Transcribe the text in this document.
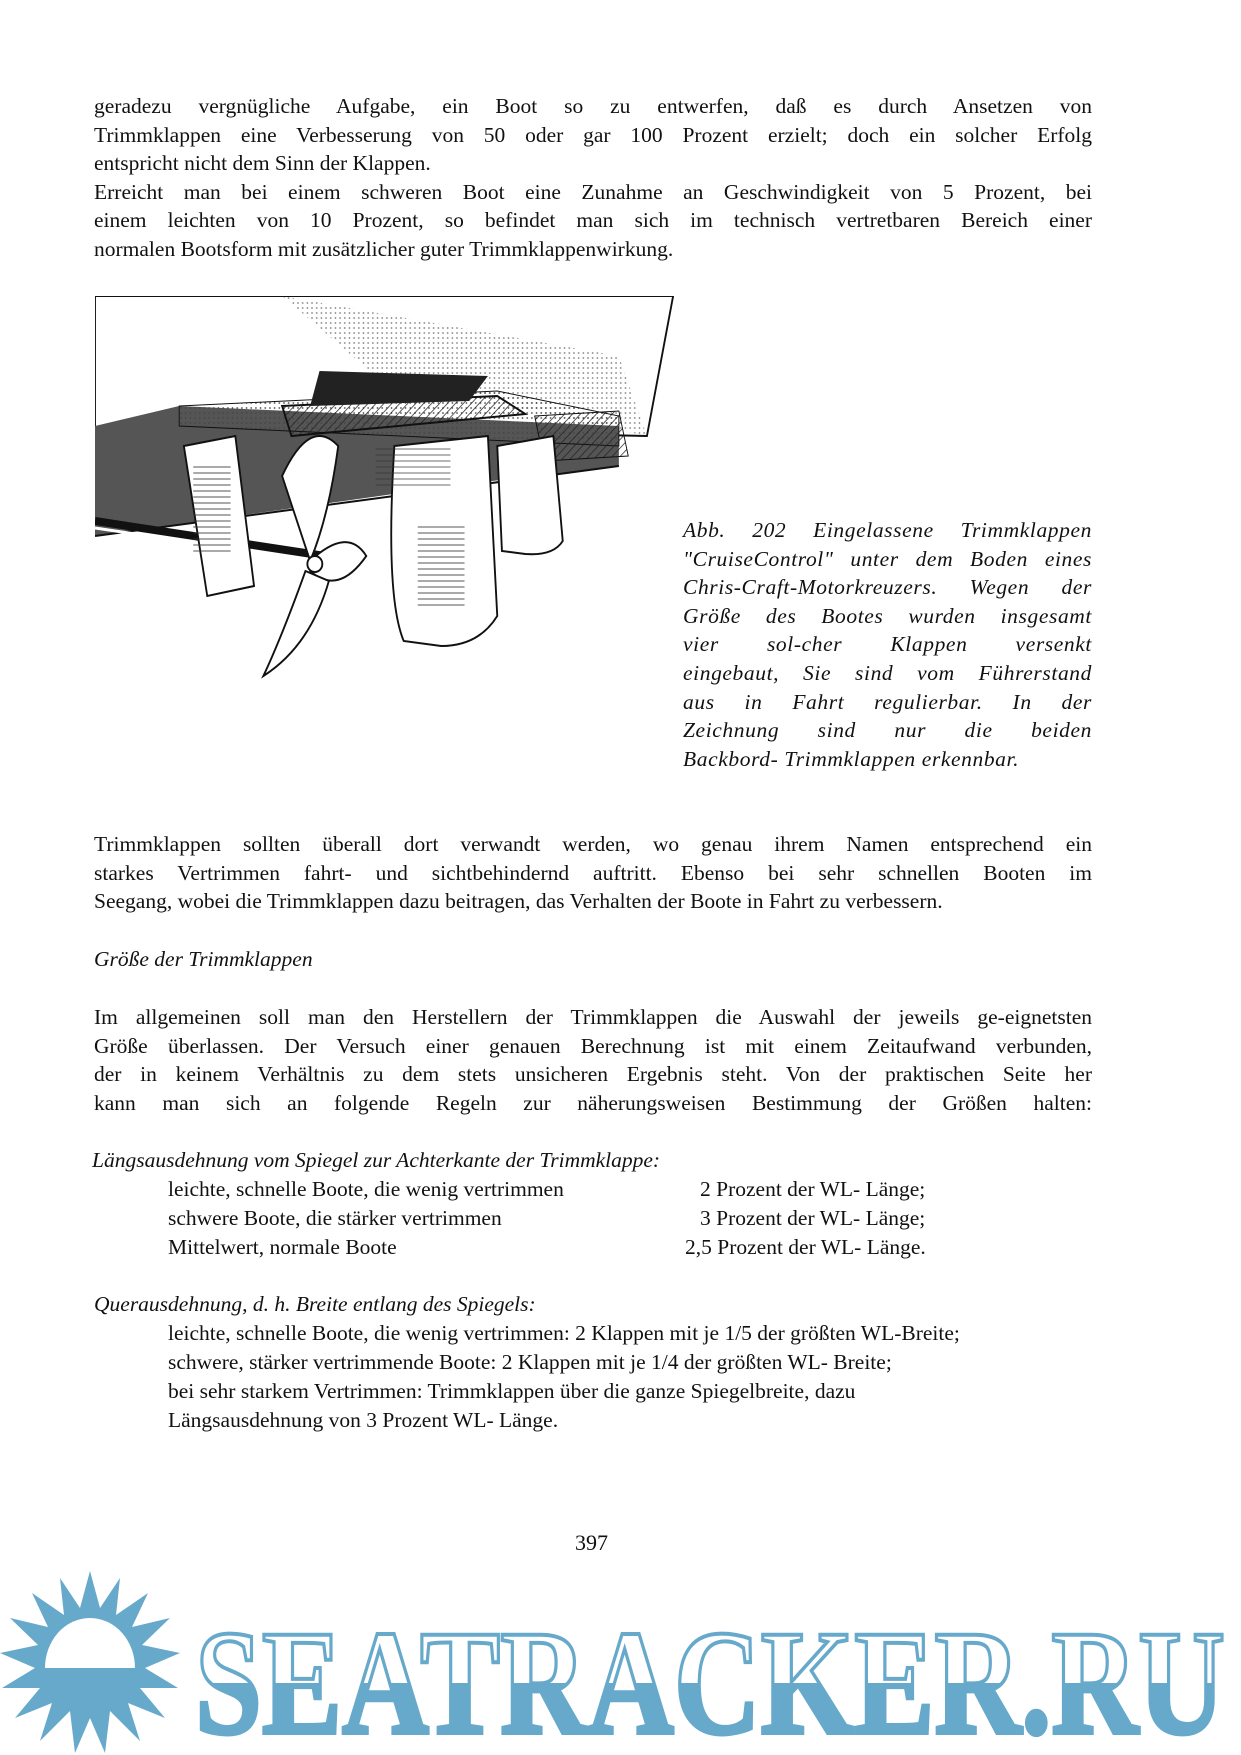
geradezu vergnügliche Aufgabe, ein Boot so zu entwerfen, daß es durch Ansetzen von
Trimmklappen eine Verbesserung von 50 oder gar 100 Prozent erzielt; doch ein solcher Erfolg
entspricht nicht dem Sinn der Klappen.
Erreicht man bei einem schweren Boot eine Zunahme an Geschwindigkeit von 5 Prozent, bei
einem leichten von 10 Prozent, so befindet man sich im technisch vertretbaren Bereich einer
normalen Bootsform mit zusätzlicher guter Trimmklappenwirkung.
Abb. 202 Eingelassene Trimmklappen
"CruiseControl" unter dem Boden eines
Chris-Craft-Motorkreuzers. Wegen der
Größe des Bootes wurden insgesamt
vier sol-cher Klappen versenkt
eingebaut, Sie sind vom Führerstand
aus in Fahrt regulierbar. In der
Zeichnung sind nur die beiden
Backbord- Trimmklappen erkennbar.
Trimmklappen sollten überall dort verwandt werden, wo genau ihrem Namen entsprechend ein
starkes Vertrimmen fahrt- und sichtbehindernd auftritt. Ebenso bei sehr schnellen Booten im
Seegang, wobei die Trimmklappen dazu beitragen, das Verhalten der Boote in Fahrt zu verbessern.
Größe der Trimmklappen
Im allgemeinen soll man den Herstellern der Trimmklappen die Auswahl der jeweils ge-eignetsten
Größe überlassen. Der Versuch einer genauen Berechnung ist mit einem Zeitaufwand verbunden,
der in keinem Verhältnis zu dem stets unsicheren Ergebnis steht. Von der praktischen Seite her
kann man sich an folgende Regeln zur näherungsweisen Bestimmung der Größen halten:
Längsausdehnung vom Spiegel zur Achterkante der Trimmklappe:
leichte, schnelle Boote, die wenig vertrimmen	2 Prozent der WL- Länge;
schwere Boote, die stärker vertrimmen	3 Prozent der WL- Länge;
Mittelwert, normale Boote	2,5 Prozent der WL- Länge.
Querausdehnung, d. h. Breite entlang des Spiegels:
leichte, schnelle Boote, die wenig vertrimmen: 2 Klappen mit je 1/5 der größten WL-Breite;
schwere, stärker vertrimmende Boote: 2 Klappen mit je 1/4 der größten WL- Breite;
bei sehr starkem Vertrimmen: Trimmklappen über die ganze Spiegelbreite, dazu
Längsausdehnung von 3 Prozent WL- Länge.
397
SEATRACKER.RU
